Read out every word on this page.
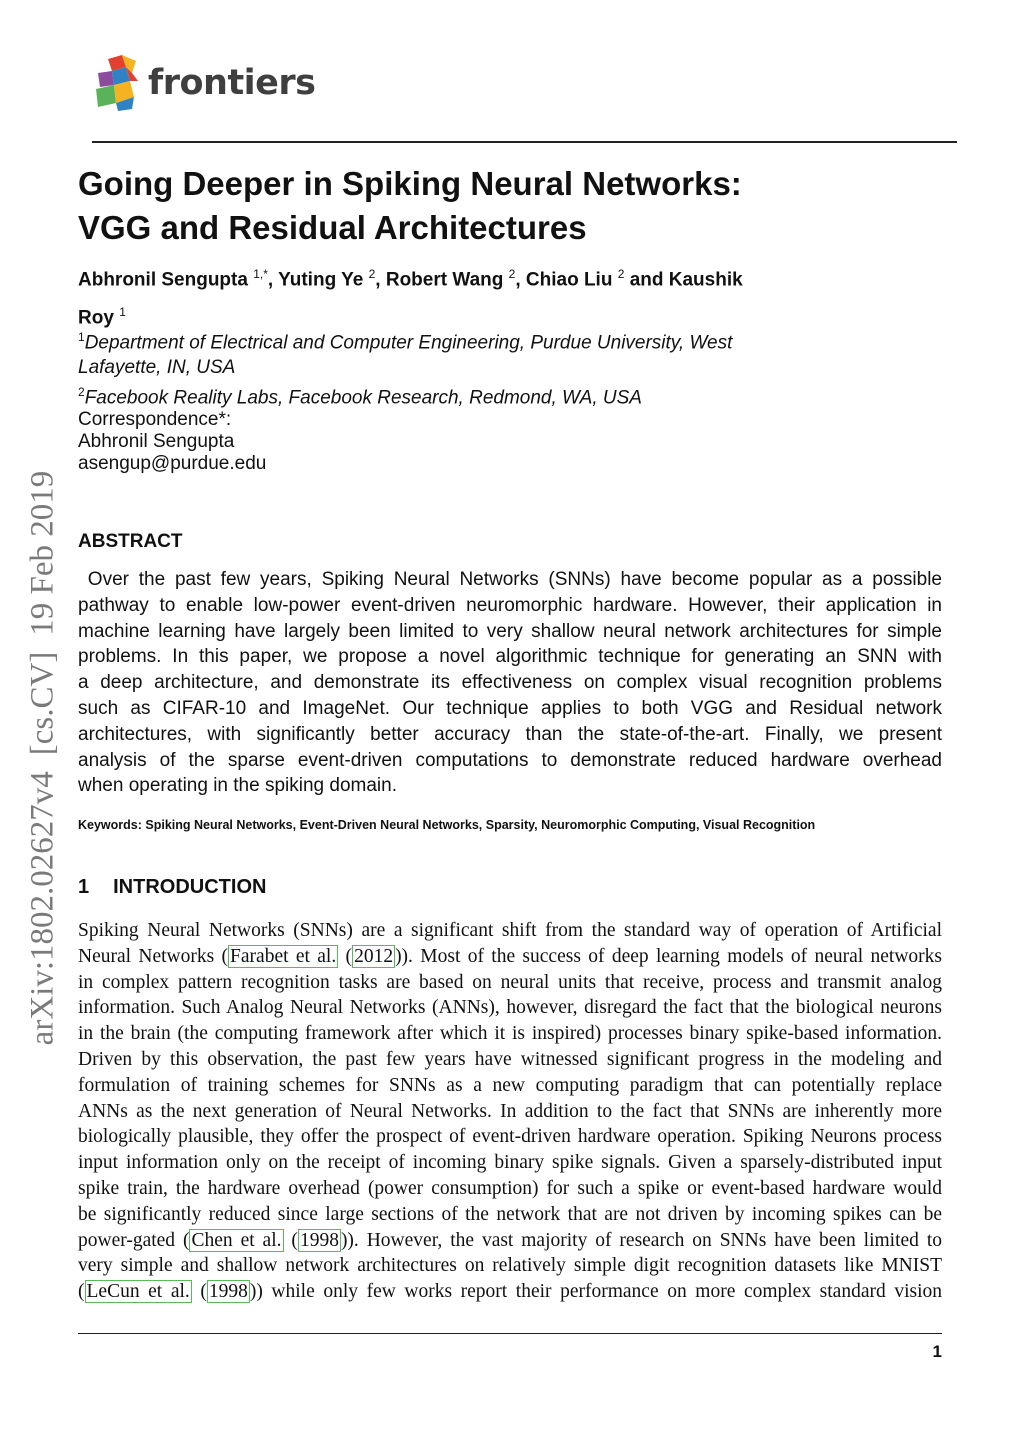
frontiers
arXiv:1802.02627v4[cs.CV]19 Feb 2019
Going Deeper in Spiking Neural Networks:
VGG and Residual Architectures
Abhronil Sengupta $^{1,*}$, Yuting Ye $^2$, Robert Wang $^2$, Chiao Liu $^2$ and Kaushik
Roy $^1$
$^1$Department of Electrical and Computer Engineering, Purdue University, West
Lafayette, IN, USA
$^2$Facebook Reality Labs, Facebook Research, Redmond, WA, USA
Correspondence*:
Abhronil Sengupta
asengup@purdue.edu
ABSTRACT
Over the past few years, Spiking Neural Networks (SNNs) have become popular as a possible
pathway to enable low-power event-driven neuromorphic hardware. However, their application in
machine learning have largely been limited to very shallow neural network architectures for simple
problems. In this paper, we propose a novel algorithmic technique for generating an SNN with
a deep architecture, and demonstrate its effectiveness on complex visual recognition problems
such as CIFAR-10 and ImageNet. Our technique applies to both VGG and Residual network
architectures, with significantly better accuracy than the state-of-the-art. Finally, we present
analysis of the sparse event-driven computations to demonstrate reduced hardware overhead
when operating in the spiking domain.
Keywords: Spiking Neural Networks, Event-Driven Neural Networks, Sparsity, Neuromorphic Computing, Visual Recognition
1 INTRODUCTION
Spiking Neural Networks (SNNs) are a significant shift from the standard way of operation of Artificial
Neural Networks ( Farabet et al. ( 2012 )). Most of the success of deep learning models of neural networks
in complex pattern recognition tasks are based on neural units that receive, process and transmit analog
information. Such Analog Neural Networks (ANNs), however, disregard the fact that the biological neurons
in the brain (the computing framework after which it is inspired) processes binary spike-based information.
Driven by this observation, the past few years have witnessed significant progress in the modeling and
formulation of training schemes for SNNs as a new computing paradigm that can potentially replace
ANNs as the next generation of Neural Networks. In addition to the fact that SNNs are inherently more
biologically plausible, they offer the prospect of event-driven hardware operation. Spiking Neurons process
input information only on the receipt of incoming binary spike signals. Given a sparsely-distributed input
spike train, the hardware overhead (power consumption) for such a spike or event-based hardware would
be significantly reduced since large sections of the network that are not driven by incoming spikes can be
power-gated ( Chen et al. ( 1998 )). However, the vast majority of research on SNNs have been limited to
very simple and shallow network architectures on relatively simple digit recognition datasets like MNIST
( LeCun et al. ( 1998 )) while only few works report their performance on more complex standard vision
1
